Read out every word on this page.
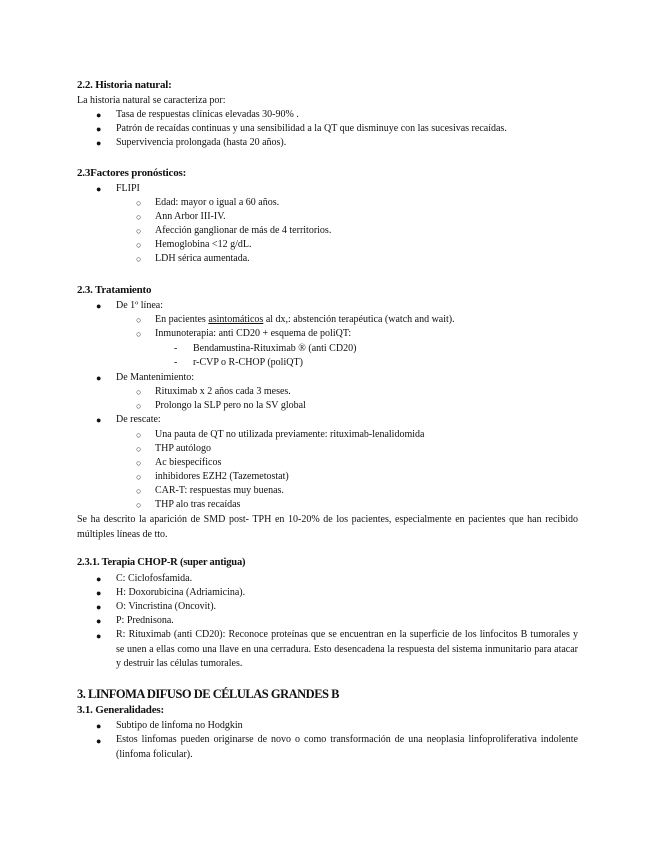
2.2. Historia natural:
La historia natural se caracteriza por:
● Tasa de respuestas clínicas elevadas 30-90% .
● Patrón de recaídas continuas y una sensibilidad a la QT que disminuye con las sucesivas recaídas.
● Supervivencia prolongada (hasta 20 años).
2.3Factores pronósticos:
● FLIPI
○ Edad: mayor o igual a 60 años.
○ Ann Arbor III-IV.
○ Afección ganglionar de más de 4 territorios.
○ Hemoglobina <12 g/dL.
○ LDH sérica aumentada.
2.3. Tratamiento
● De 1º línea:
○ En pacientes asintomáticos al dx,: abstención terapéutica (watch and wait).
○ Inmunoterapia: anti CD20 + esquema de poliQT:
- Bendamustina-Rituximab ® (anti CD20)
- r-CVP o R-CHOP (poliQT)
● De Mantenimiento:
○ Rituximab x 2 años cada 3 meses.
○ Prolongo la SLP pero no la SV global
● De rescate:
○ Una pauta de QT no utilizada previamente: rituximab-lenalidomida
○ THP autólogo
○ Ac biespecíficos
○ inhibidores EZH2 (Tazemetostat)
○ CAR-T: respuestas muy buenas.
○ THP alo tras recaídas
Se ha descrito la aparición de SMD post- TPH en 10-20% de los pacientes, especialmente en pacientes que han recibido múltiples líneas de tto.
2.3.1. Terapia CHOP-R (super antigua)
● C: Ciclofosfamida.
● H: Doxorubicina (Adriamicina).
● O: Vincristina (Oncovit).
● P: Prednisona.
● R: Rituximab (anti CD20): Reconoce proteínas que se encuentran en la superficie de los linfocitos B tumorales y se unen a ellas como una llave en una cerradura. Esto desencadena la respuesta del sistema inmunitario para atacar y destruir las células tumorales.
3. LINFOMA DIFUSO DE CÉLULAS GRANDES B
3.1. Generalidades:
● Subtipo de linfoma no Hodgkin
● Estos linfomas pueden originarse de novo o como transformación de una neoplasia linfoproliferativa indolente (linfoma folicular).
